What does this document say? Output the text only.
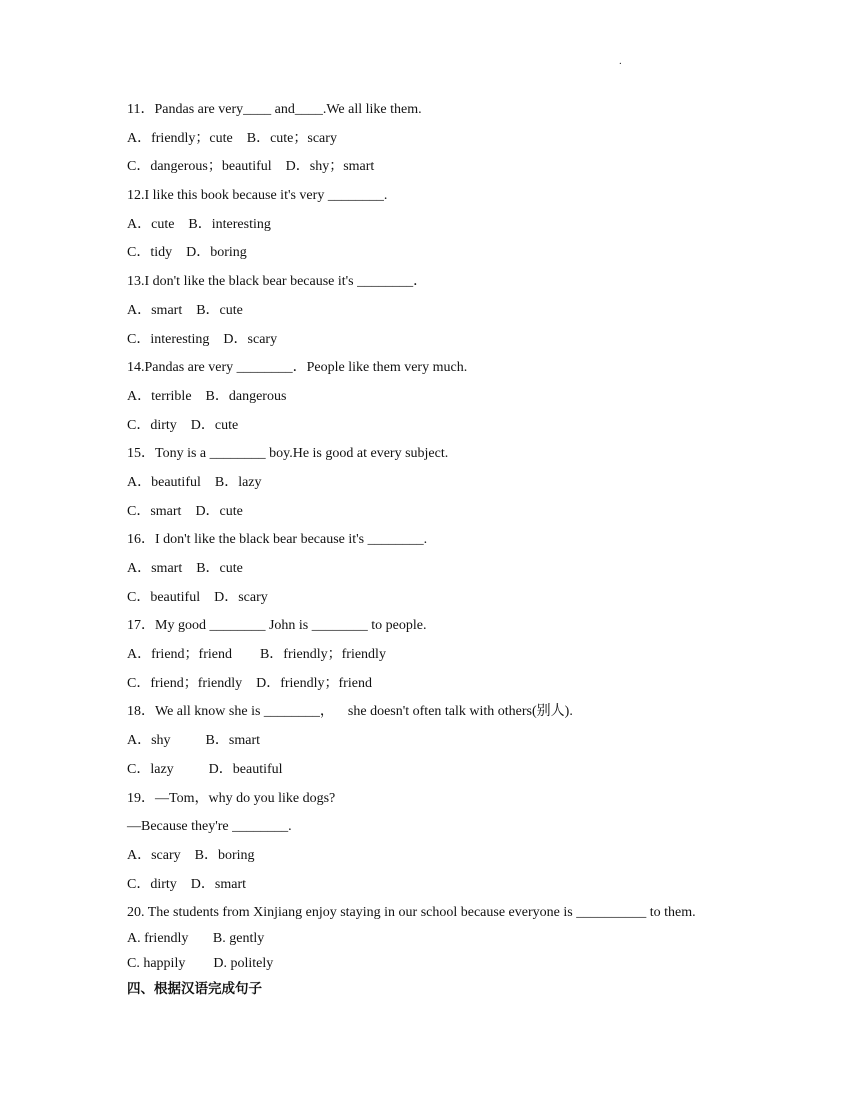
.
11．Pandas are very____ and____.We all like them.
A．friendly；cute    B．cute；scary
C．dangerous；beautiful    D．shy；smart
12.I like this book because it's very ________.
A．cute    B．interesting
C．tidy    D．boring
13.I don't like the black bear because it's ________．
A．smart    B．cute
C．interesting    D．scary
14.Pandas are very ________．People like them very much.
A．terrible    B．dangerous
C．dirty    D．cute
15．Tony is a ________ boy.He is good at every subject.
A．beautiful    B．lazy
C．smart    D．cute
16．I don't like the black bear because it's ________.
A．smart    B．cute
C．beautiful    D．scary
17．My good ________ John is ________ to people.
A．friend；friend        B．friendly；friendly
C．friend；friendly    D．friendly；friend
18．We all know she is ________，    she doesn't often talk with others(别人).
A．shy          B．smart
C．lazy          D．beautiful
19．—Tom，why do you like dogs?
—Because they're ________.
A．scary    B．boring
C．dirty    D．smart
20. The students from Xinjiang enjoy staying in our school because everyone is __________ to them.
A. friendly       B. gently
C. happily        D. politely
四、根据汉语完成句子
